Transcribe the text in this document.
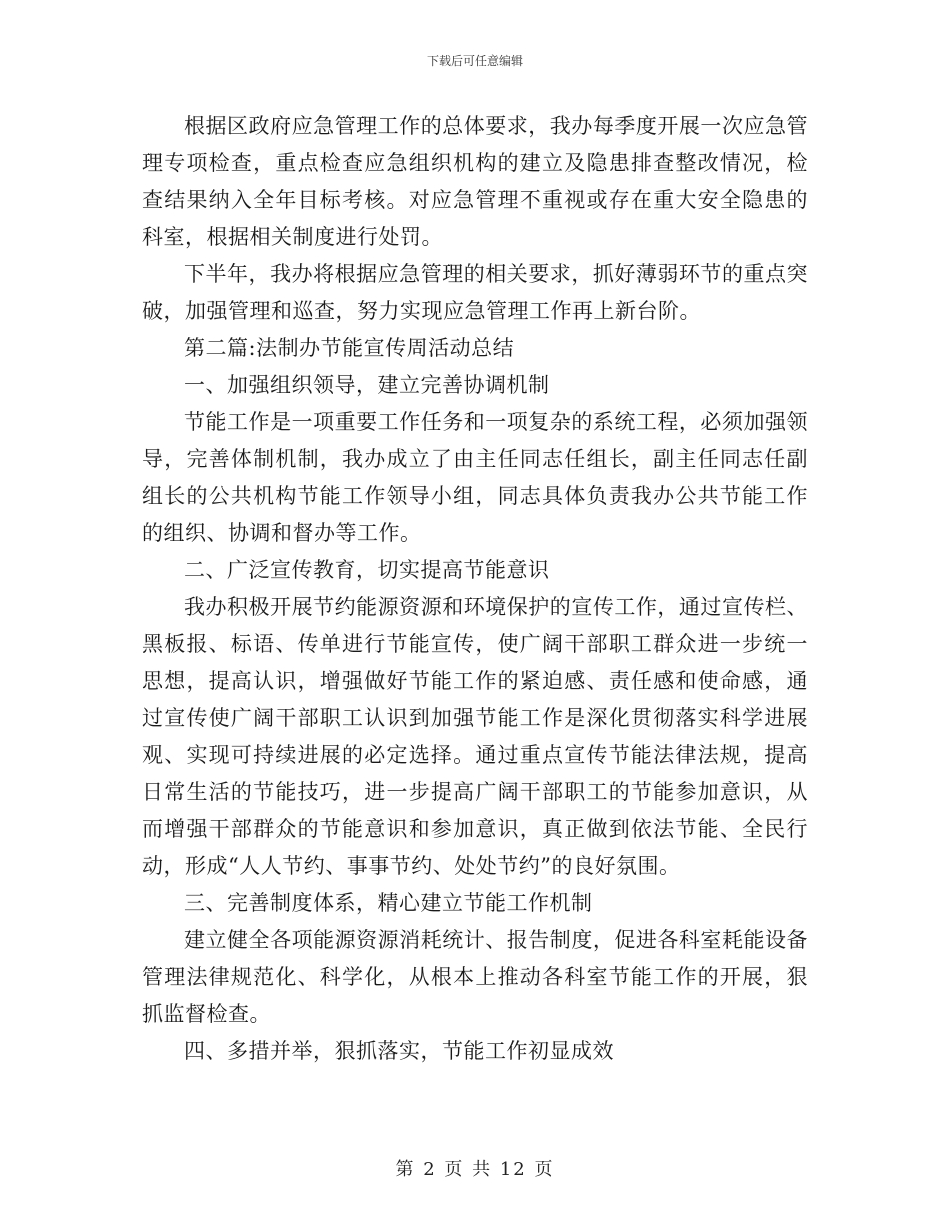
下载后可任意编辑

根据区政府应急管理工作的总体要求，我办每季度开展一次应急管理专项检查，重点检查应急组织机构的建立及隐患排查整改情况，检查结果纳入全年目标考核。对应急管理不重视或存在重大安全隐患的科室，根据相关制度进行处罚。

下半年，我办将根据应急管理的相关要求，抓好薄弱环节的重点突破，加强管理和巡查，努力实现应急管理工作再上新台阶。

第二篇:法制办节能宣传周活动总结

一、加强组织领导，建立完善协调机制

节能工作是一项重要工作任务和一项复杂的系统工程，必须加强领导，完善体制机制，我办成立了由主任同志任组长，副主任同志任副组长的公共机构节能工作领导小组，同志具体负责我办公共节能工作的组织、协调和督办等工作。

二、广泛宣传教育，切实提高节能意识

我办积极开展节约能源资源和环境保护的宣传工作，通过宣传栏、黑板报、标语、传单进行节能宣传，使广阔干部职工群众进一步统一思想，提高认识，增强做好节能工作的紧迫感、责任感和使命感，通过宣传使广阔干部职工认识到加强节能工作是深化贯彻落实科学进展观、实现可持续进展的必定选择。通过重点宣传节能法律法规，提高日常生活的节能技巧，进一步提高广阔干部职工的节能参加意识，从而增强干部群众的节能意识和参加意识，真正做到依法节能、全民行动，形成“人人节约、事事节约、处处节约”的良好氛围。

三、完善制度体系，精心建立节能工作机制

建立健全各项能源资源消耗统计、报告制度，促进各科室耗能设备管理法律规范化、科学化，从根本上推动各科室节能工作的开展，狠抓监督检查。

四、多措并举，狠抓落实，节能工作初显成效

第 2 页 共 12 页
